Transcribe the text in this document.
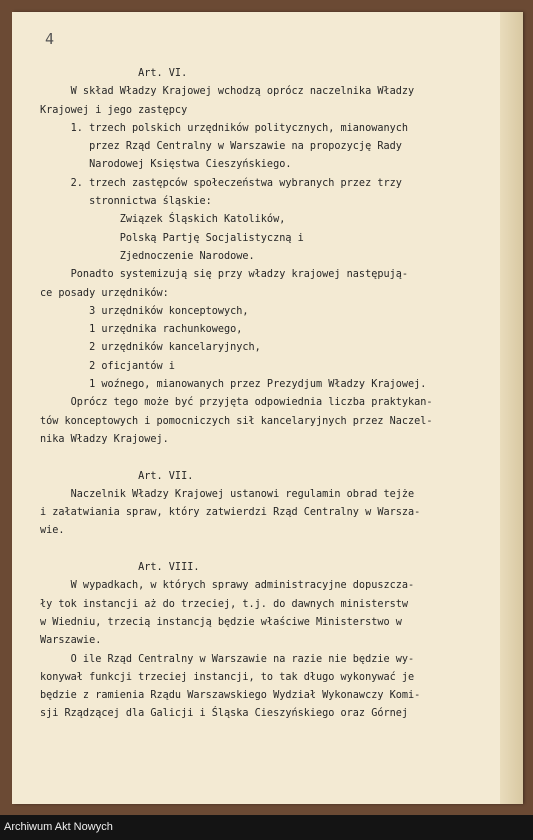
4
Art. VI.
W skład Władzy Krajowej wchodzą oprócz naczelnika Władzy
Krajowej i jego zastępcy
1. trzech polskich urzędników politycznych, mianowanych
przez Rząd Centralny w Warszawie na propozycję Rady
Narodowej Księstwa Cieszyńskiego.
2. trzech zastępców społeczeństwa wybranych przez trzy
stronnictwa śląskie:
Związek Śląskich Katolików,
Polską Partję Socjalistyczną i
Zjednoczenie Narodowe.
Ponadto systemizują się przy władzy krajowej następują-
ce posady urzędników:
3 urzędników konceptowych,
1 urzędnika rachunkowego,
2 urzędników kancelaryjnych,
2 oficjantów i
1 woźnego, mianowanych przez Prezydjum Władzy Krajowej.
Oprócz tego może być przyjęta odpowiednia liczba praktykan-
tów konceptowych i pomocniczych sił kancelaryjnych przez Naczel-
nika Władzy Krajowej.
Art. VII.
Naczelnik Władzy Krajowej ustanowi regulamin obrad tejże
i załatwiania spraw, który zatwierdzi Rząd Centralny w Warsza-
wie.
Art. VIII.
W wypadkach, w których sprawy administracyjne dopuszcza-
ły tok instancji aż do trzeciej, t.j. do dawnych ministerstw
w Wiedniu, trzecią instancją będzie właściwe Ministerstwo w
Warszawie.
O ile Rząd Centralny w Warszawie na razie nie będzie wy-
konywał funkcji trzeciej instancji, to tak długo wykonywać je
będzie z ramienia Rządu Warszawskiego Wydział Wykonawczy Komi-
sji Rządzącej dla Galicji i Śląska Cieszyńskiego oraz Górnej
Archiwum Akt Nowych
